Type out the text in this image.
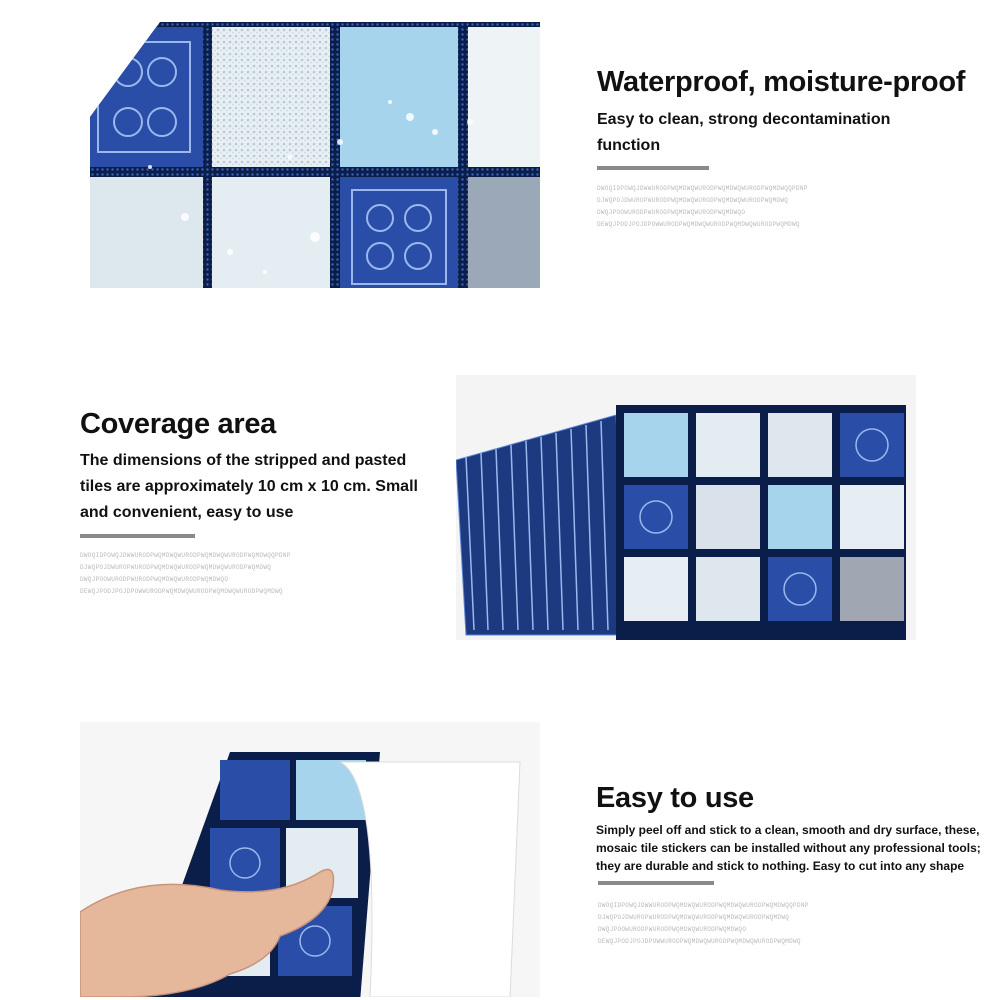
Waterproof, moisture-proof
Easy to clean, strong decontamination function
DWOQIDPOWQJDWWURODPWQMDWQWURODPWQMDWQWURODPWQMDWQQPDNP
DJWQPOJDWUROPWURODPWQMDWQWURODPWQMDWQWURODPWQMDWQ
DWQJPOOWURODPWURODPWQMDWQWURODPWQMDWQO
DEWQJPODJPOJDPOWWURODPWQMDWQWURODPWQMDWQWURODPWQMDWQ
Coverage area
The dimensions of the stripped and pasted tiles are approximately 10 cm x 10 cm. Small and convenient, easy to use
DWOQIDPOWQJDWWURODPWQMDWQWURODPWQMDWQWURODPWQMDWQQPDNP
DJWQPOJDWUROPWURODPWQMDWQWURODPWQMDWQWURODPWQMDWQ
DWQJPOOWURODPWURODPWQMDWQWURODPWQMDWQO
DEWQJPODJPOJDPOWWURODPWQMDWQWURODPWQMDWQWURODPWQMDWQ
Easy to use
Simply peel off and stick to a clean, smooth and dry surface, these, mosaic tile stickers can be installed without any professional tools; they are durable and stick to nothing. Easy to cut into any shape
DWOQIDPOWQJDWWURODPWQMDWQWURODPWQMDWQWURODPWQMDWQQPDNP
DJWQPOJDWUROPWURODPWQMDWQWURODPWQMDWQWURODPWQMDWQ
DWQJPOOWURODPWURODPWQMDWQWURODPWQMDWQO
DEWQJPODJPOJDPOWWURODPWQMDWQWURODPWQMDWQWURODPWQMDWQ
